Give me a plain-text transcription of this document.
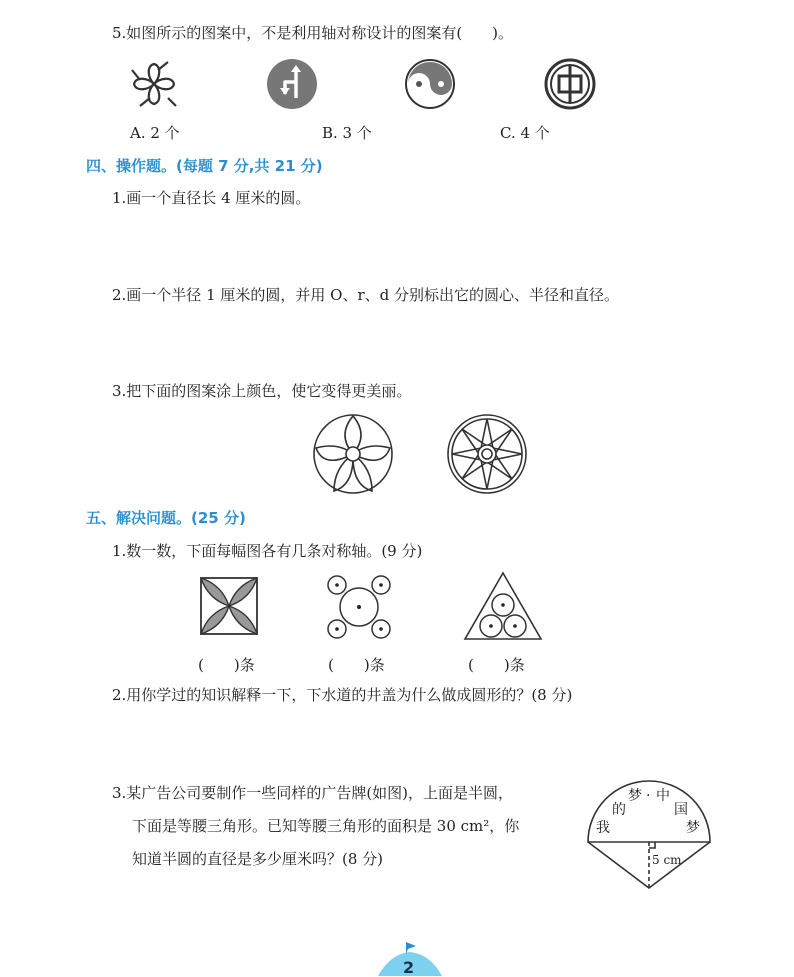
5.如图所示的图案中，不是利用轴对称设计的图案有(　　)。
A. 2 个	B. 3 个	C. 4 个
四、操作题。(每题 7 分,共 21 分)
1.画一个直径长 4 厘米的圆。
2.画一个半径 1 厘米的圆，并用 O、r、d 分别标出它的圆心、半径和直径。
3.把下面的图案涂上颜色，使它变得更美丽。
五、解决问题。(25 分)
1.数一数，下面每幅图各有几条对称轴。(9 分)
(　　)条	(　　)条	(　　)条
2.用你学过的知识解释一下，下水道的井盖为什么做成圆形的？(8 分)
3.某广告公司要制作一些同样的广告牌(如图)，上面是半圆，
下面是等腰三角形。已知等腰三角形的面积是 30 cm²，你
知道半圆的直径是多少厘米吗？(8 分)
我
的
梦 · 中
国
梦
5 cm
2
